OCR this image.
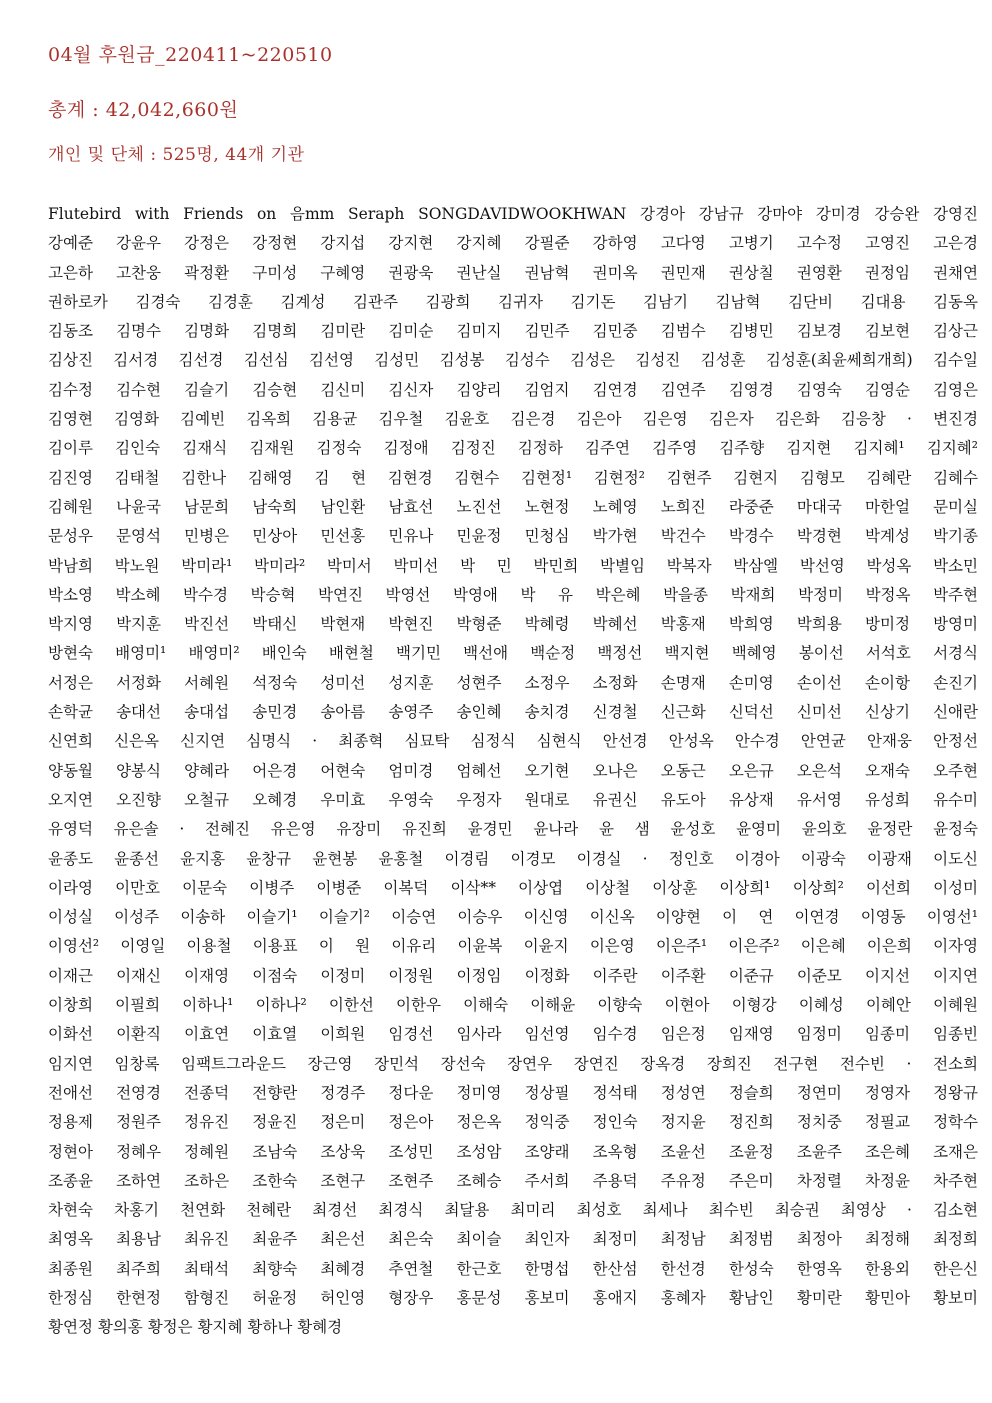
04월 후원금_220411~220510
총계 : 42,042,660원
개인 및 단체 : 525명, 44개 기관
Flutebird with Friends on 음mm Seraph SONGDAVIDWOOKHWAN 강경아 강남규 강마야 강미경 강승완 강영진
강예준 강윤우 강정은 강정현 강지섭 강지현 강지혜 강필준 강하영 고다영 고병기 고수정 고영진 고은경
고은하 고찬웅 곽정환 구미성 구혜영 권광욱 권난실 권남혁 권미옥 권민재 권상칠 권영환 권정임 권채연
권하로카 김경숙 김경훈 김계성 김관주 김광희 김귀자 김기돈 김남기 김남혁 김단비 김대용 김동옥
김동조 김명수 김명화 김명희 김미란 김미순 김미지 김민주 김민중 김범수 김병민 김보경 김보현 김상근
김상진 김서경 김선경 김선심 김선영 김성민 김성봉 김성수 김성은 김성진 김성훈 김성훈(최윤쎄희개희) 김수일
김수정 김수현 김슬기 김승현 김신미 김신자 김양리 김엄지 김연경 김연주 김영경 김영숙 김영순 김영은
김영현 김영화 김예빈 김옥희 김용균 김우철 김윤호 김은경 김은아 김은영 김은자 김은화 김응창 · 변진경
김이루 김인숙 김재식 김재원 김정숙 김정애 김정진 김정하 김주연 김주영 김주향 김지현 김지혜¹ 김지혜²
김진영 김태철 김한나 김해영 김 현 김현경 김현수 김현정¹ 김현정² 김현주 김현지 김형모 김혜란 김혜수
김혜원 나윤국 남문희 남숙희 남인환 남효선 노진선 노현정 노혜영 노희진 라중준 마대국 마한얼 문미실
문성우 문영석 민병은 민상아 민선홍 민유나 민윤정 민청심 박가현 박건수 박경수 박경현 박계성 박기종
박남희 박노원 박미라¹ 박미라² 박미서 박미선 박 민 박민희 박별임 박복자 박삼엘 박선영 박성옥 박소민
박소영 박소혜 박수경 박승혁 박연진 박영선 박영애 박 유 박은혜 박을종 박재희 박정미 박정옥 박주현
박지영 박지훈 박진선 박태신 박현재 박현진 박형준 박혜령 박혜선 박홍재 박희영 박희용 방미정 방영미
방현숙 배영미¹ 배영미² 배인숙 배현철 백기민 백선애 백순정 백정선 백지현 백혜영 봉이선 서석호 서경식
서정은 서정화 서혜원 석정숙 성미선 성지훈 성현주 소정우 소정화 손명재 손미영 손이선 손이항 손진기
손학균 송대선 송대섭 송민경 송아름 송영주 송인혜 송치경 신경철 신근화 신덕선 신미선 신상기 신애란
신연희 신은옥 신지연 심명식 · 최종혁 심묘탁 심정식 심현식 안선경 안성옥 안수경 안연균 안재웅 안정선
양동월 양봉식 양혜라 어은경 어현숙 엄미경 엄혜선 오기현 오나은 오동근 오은규 오은석 오재숙 오주현
오지연 오진향 오철규 오혜경 우미효 우영숙 우정자 원대로 유권신 유도아 유상재 유서영 유성희 유수미
유영덕 유은솔 · 전혜진 유은영 유장미 유진희 윤경민 윤나라 윤 샘 윤성호 윤영미 윤의호 윤정란 윤정숙
윤종도 윤종선 윤지홍 윤창규 윤현봉 윤홍철 이경림 이경모 이경실 · 정인호 이경아 이광숙 이광재 이도신
이라영 이만호 이문숙 이병주 이병준 이복덕 이삭** 이상엽 이상철 이상훈 이상희¹ 이상희² 이선희 이성미
이성실 이성주 이송하 이슬기¹ 이슬기² 이승연 이승우 이신영 이신옥 이양현 이 연 이연경 이영동 이영선¹
이영선² 이영일 이용철 이용표 이 원 이유리 이윤복 이윤지 이은영 이은주¹ 이은주² 이은혜 이은희 이자영
이재근 이재신 이재영 이점숙 이정미 이정원 이정임 이정화 이주란 이주환 이준규 이준모 이지선 이지연
이창희 이필희 이하나¹ 이하나² 이한선 이한우 이해숙 이해윤 이향숙 이현아 이형강 이혜성 이혜안 이혜원
이화선 이환직 이효연 이효열 이희원 임경선 임사라 임선영 임수경 임은정 임재영 임정미 임종미 임종빈
임지연 임창록 임팩트그라운드 장근영 장민석 장선숙 장연우 장연진 장옥경 장희진 전구현 전수빈 · 전소희
전애선 전영경 전종덕 전향란 정경주 정다운 정미영 정상필 정석태 정성연 정슬희 정연미 정영자 정왕규
정용제 정원주 정유진 정윤진 정은미 정은아 정은옥 정익중 정인숙 정지윤 정진희 정치중 정필교 정학수
정현아 정혜우 정혜원 조남숙 조상욱 조성민 조성암 조양래 조옥형 조윤선 조윤정 조윤주 조은혜 조재은
조종윤 조하연 조하은 조한숙 조현구 조현주 조혜승 주서희 주용덕 주유정 주은미 차정렬 차정윤 차주현
차현숙 차홍기 천연화 천혜란 최경선 최경식 최달용 최미리 최성호 최세나 최수빈 최승권 최영상 · 김소현
최영옥 최용남 최유진 최윤주 최은선 최은숙 최이슬 최인자 최정미 최정남 최정범 최정아 최정해 최정희
최종원 최주희 최태석 최향숙 최혜경 추연철 한근호 한명섭 한산섬 한선경 한성숙 한영옥 한용외 한은신
한정심 한현정 함형진 허윤정 허인영 형장우 홍문성 홍보미 홍애지 홍혜자 황남인 황미란 황민아 황보미
황연정 황의홍 황정은 황지혜 황하나 황혜경
